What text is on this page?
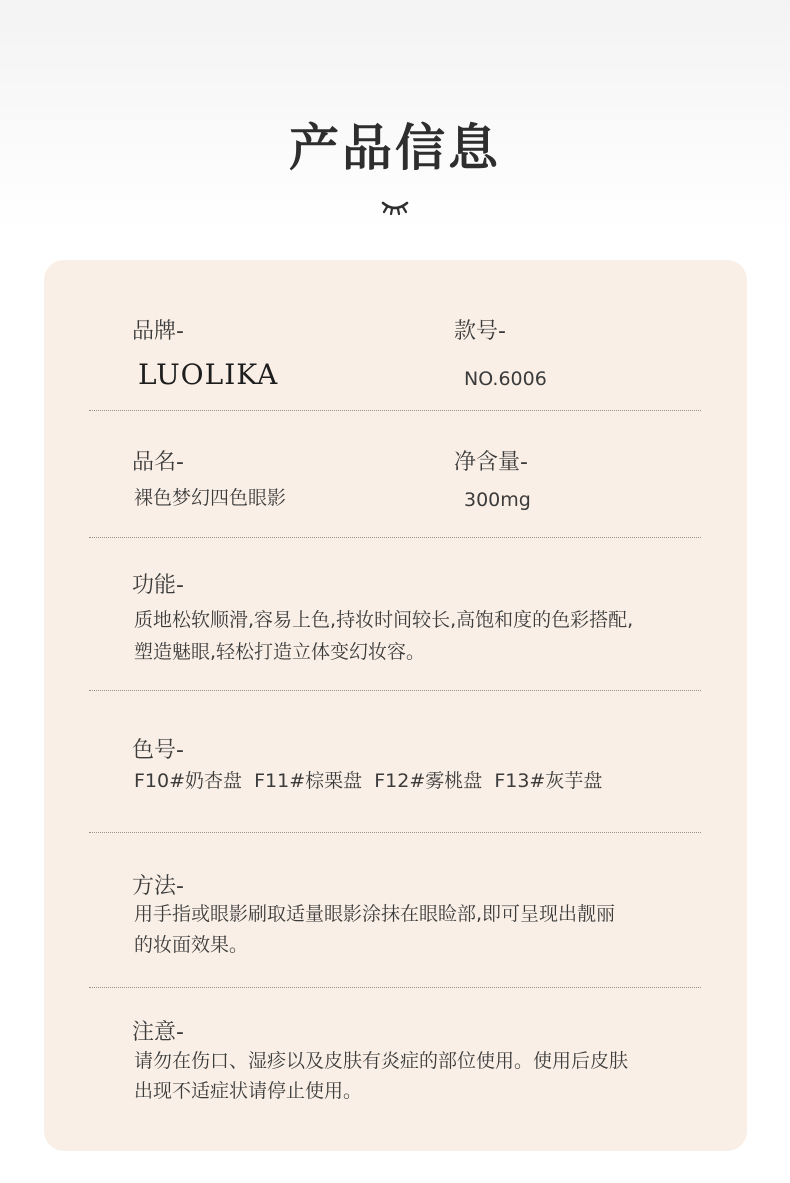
产品信息
品牌-	款号-
LUOLIKA	NO.6006
品名-	净含量-
裸色梦幻四色眼影	300mg
功能-
质地松软顺滑,容易上色,持妆时间较长,高饱和度的色彩搭配,
塑造魅眼,轻松打造立体变幻妆容。
色号-
F10#奶杏盘  F11#棕栗盘  F12#雾桃盘  F13#灰芋盘
方法-
用手指或眼影刷取适量眼影涂抹在眼睑部,即可呈现出靓丽
的妆面效果。
注意-
请勿在伤口、湿疹以及皮肤有炎症的部位使用。使用后皮肤
出现不适症状请停止使用。
